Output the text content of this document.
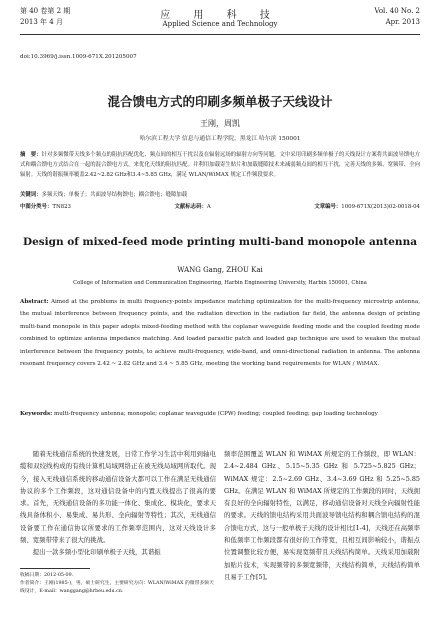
应 用 科 技
Applied Science and Technology
第 40 卷第 2 期	Vol. 40 No. 2
2013 年 4 月	Apr. 2013
doi:10.3969/j.issn.1009-671X.201205007
混合馈电方式的印刷多频单极子天线设计
王刚，周凯
哈尔滨工程大学 信息与通信工程学院，黑龙江 哈尔滨 150001
摘　要：针对多频微带天线多个频点的阻抗匹配优化、频点间的相互干扰以及在辐射远场的辐射方向等问题，文中采用印刷多频单极子的天线设计方案将共面波导馈电方式和耦合馈电方式结合在一起的混合馈电方式，来优化天线的阻抗匹配。并利用加载寄生贴片和加载缝隙技术来减弱频点间的相互干扰，完善天线的多频、宽频带、全向辐射。天线的谐振频率覆盖2.42~2.82 GHz和3.4~5.85 GHz，满足 WLAN/WiMAX 规定工作频段要求。
关键词：多频天线；单极子；共面波导结构馈电；耦合馈电；缝隙加载
中图分类号：TN823	文献标志码：A	文章编号：1009-671X(2013)02-0018-04
Design of mixed-feed mode printing multi-band monopole antenna
WANG Gang, ZHOU Kai
College of Information and Communication Engineering, Harbin Engineering University, Harbin 150001, China
Abstract: Aimed at the problems in multi frequency-points impedance matching optimization for the multi-frequency microstrip antenna, the mutual interference between frequency points, and the radiation direction in the radiation far field, the antenna design of printing multi-band monopole in this paper adopts mixed-feeding method with the coplanar waveguide feeding mode and the coupled feeding mode combined to optimize antenna impedance matching. And loaded parasitic patch and loaded gap technique are used to weaken the mutual interference between the frequency points, to achieve multi-frequency, wide-band, and omni-directional radiation in antenna. The antenna resonant frequency covers 2.42 ~ 2.82 GHz and 3.4 ~ 5.85 GHz, meeting the working band requirements for WLAN / WiMAX.
Keywords: multi-frequency antenna; monopole; coplanar waveguide (CPW) feeding; coupled feeding; gap loading technology

随着无线通信系统的快速发展，日常工作学习生活中利用到轴电缆和双绞线构成的有线计算机局域网络正在被无线局域网所取代。现今，接入无线通信系统的移动通信设备大都可以工作在满足无线通信协议的多个工作频段，这对通信设备中的内置天线提出了很高的要求。首先，无线通信设备的多功能一体化、集成化、模块化，要求天线具备体积小、易集成、易共形、全向辐射等特性；其次，无线通信设备要工作在通信协议所要求的工作频率范围内，这对天线设计多频、宽频带带来了很大的挑战。

提出一款多频小型化印刷单极子天线，其谐振

频率范围覆盖 WLAN 和 WiMAX 所规定的工作频段，即 WLAN：2.4~2.484 GHz、5.15~5.35 GHz 和 5.725~5.825 GHz；WiMAX 规定：2.5~2.69 GHz、3.4~3.69 GHz 和 5.25~5.85 GHz。在满足 WLAN 和 WiMAX 所规定的工作频段的同时，天线拥有良好的全向辐射特性，以满足，移动通信设备对天线全向辐射性能的要求。天线的馈电结构采用共面波导馈电结构和耦合馈电结构的混合馈电方式，这与一般单极子天线的设计相比[1-4]，天线还在高频率和低频率工作频段都有很好的工作带宽，且相互间影响较小，谐振点位置调整比较方便，易实现宽频带且天线结构简单。天线采用加载附加贴片技术，实现频带的多频宽频带，天线结构简单，天线结构简单且易于工作[5]。

收稿日期：2012-05-09.
作者简介：王刚(1985-)，男，硕士研究生，主要研究方向：WLAN/WiMAX 的微带多频天线设计，E-mail：wanggang@hrbeu.edu.cn.
